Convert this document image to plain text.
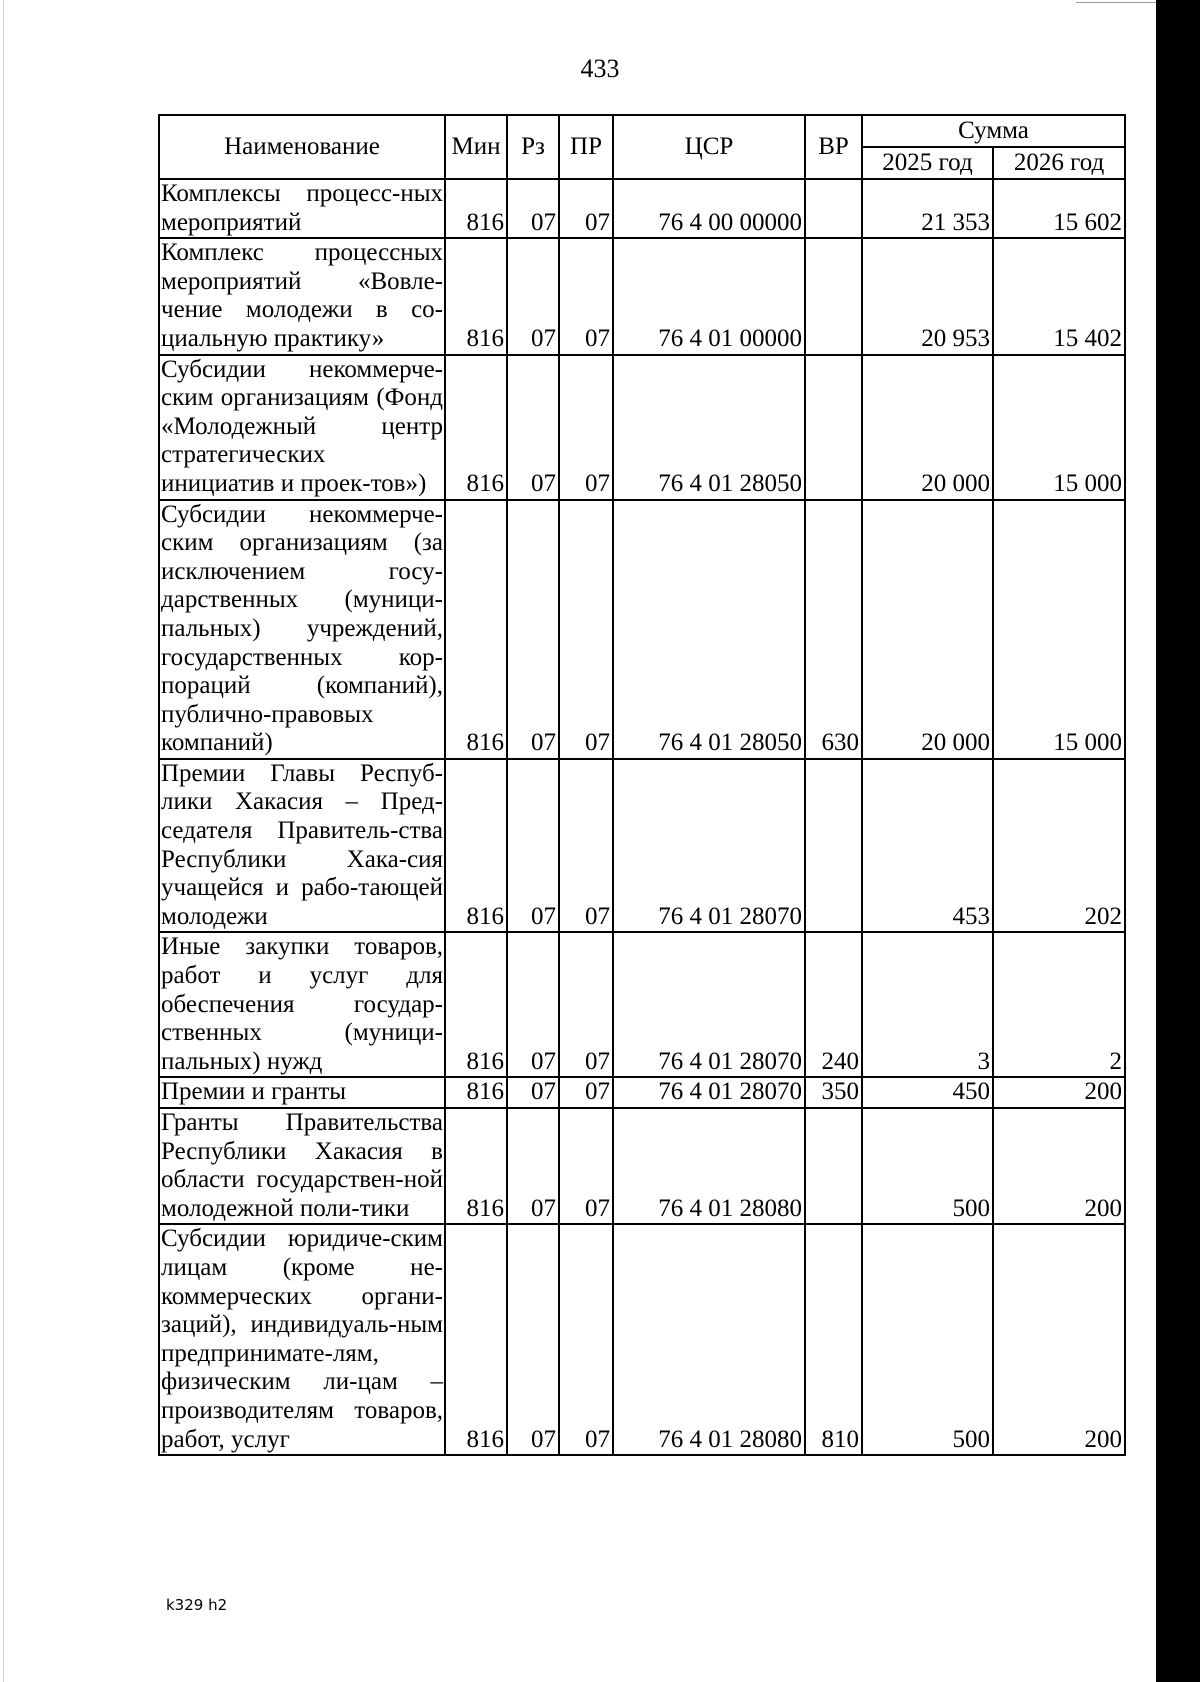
433
Наименование	Мин	Рз	ПР	ЦСР	ВР	Сумма	
						2025 год	2026 год
Комплексы процесс-ных мероприятий	816	07	07	76 4 00 00000		21 353	15 602
Комплекс процессных мероприятий «Вовле-чение молодежи в со-циальную практику»	816	07	07	76 4 01 00000		20 953	15 402
Субсидии некоммерче-ским организациям (Фонд «Молодежный центр стратегических инициатив и проек-тов»)	816	07	07	76 4 01 28050		20 000	15 000
Субсидии некоммерче-ским организациям (за исключением госу-дарственных (муници-пальных) учреждений, государственных кор-пораций (компаний), публично-правовых компаний)	816	07	07	76 4 01 28050	630	20 000	15 000
Премии Главы Респуб-лики Хакасия – Пред-седателя Правитель-ства Республики Хака-сия учащейся и рабо-тающей молодежи	816	07	07	76 4 01 28070		453	202
Иные закупки товаров, работ и услуг для обеспечения государ-ственных (муници-пальных) нужд	816	07	07	76 4 01 28070	240	3	2
Премии и гранты	816	07	07	76 4 01 28070	350	450	200
Гранты Правительства Республики Хакасия в области государствен-ной молодежной поли-тики	816	07	07	76 4 01 28080		500	200
Субсидии юридиче-ским лицам (кроме не-коммерческих органи-заций), индивидуаль-ным предпринимате-лям, физическим ли-цам – производителям товаров, работ, услуг	816	07	07	76 4 01 28080	810	500	200
k329 h2
